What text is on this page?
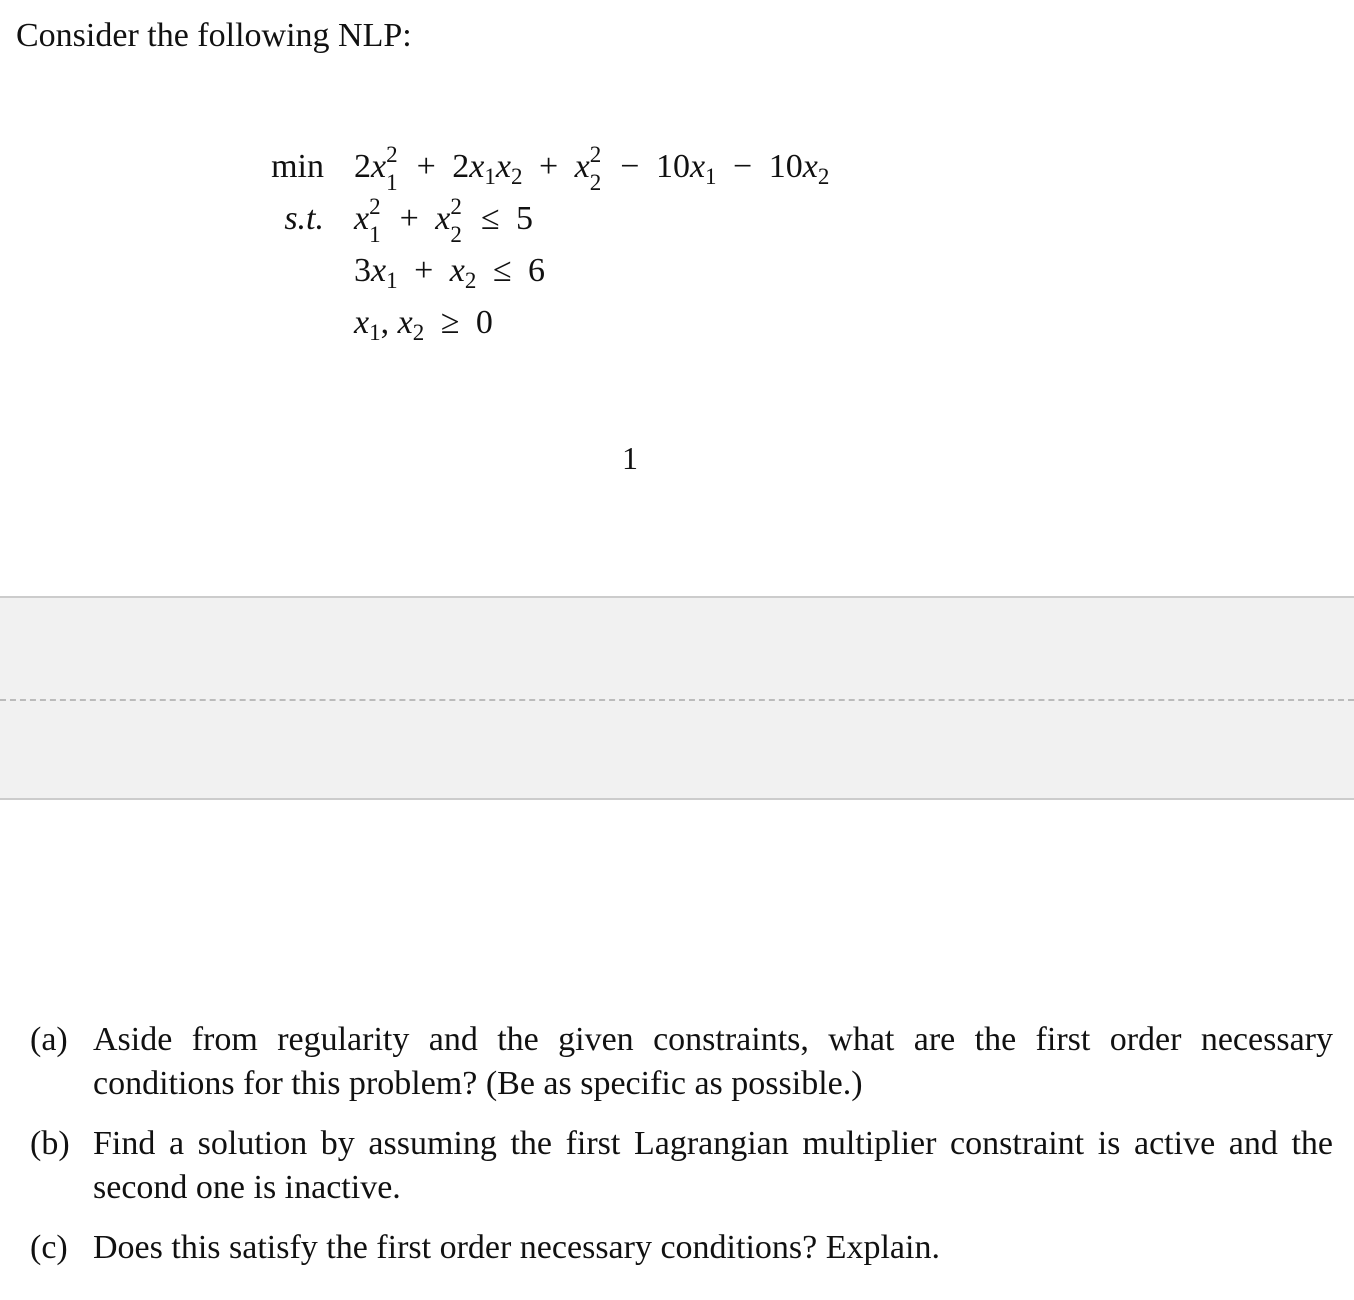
Consider the following NLP:

min 2x 2
$1 + 2x_1x_2 + x$ 2
$2 - 10x_1 - 10x_2$
s.t. x 2
1 + x 2
2 ≤ 5
$3x_1 + x_2 \le 6$
$x_1$, $x_2 \ge 0$
1
(a) Aside from regularity and the given constraints, what are the first order necessary conditions for this problem? (Be as specific as possible.)
(b) Find a solution by assuming the first Lagrangian multiplier constraint is active and the second one is inactive.
(c) Does this satisfy the first order necessary conditions? Explain.
